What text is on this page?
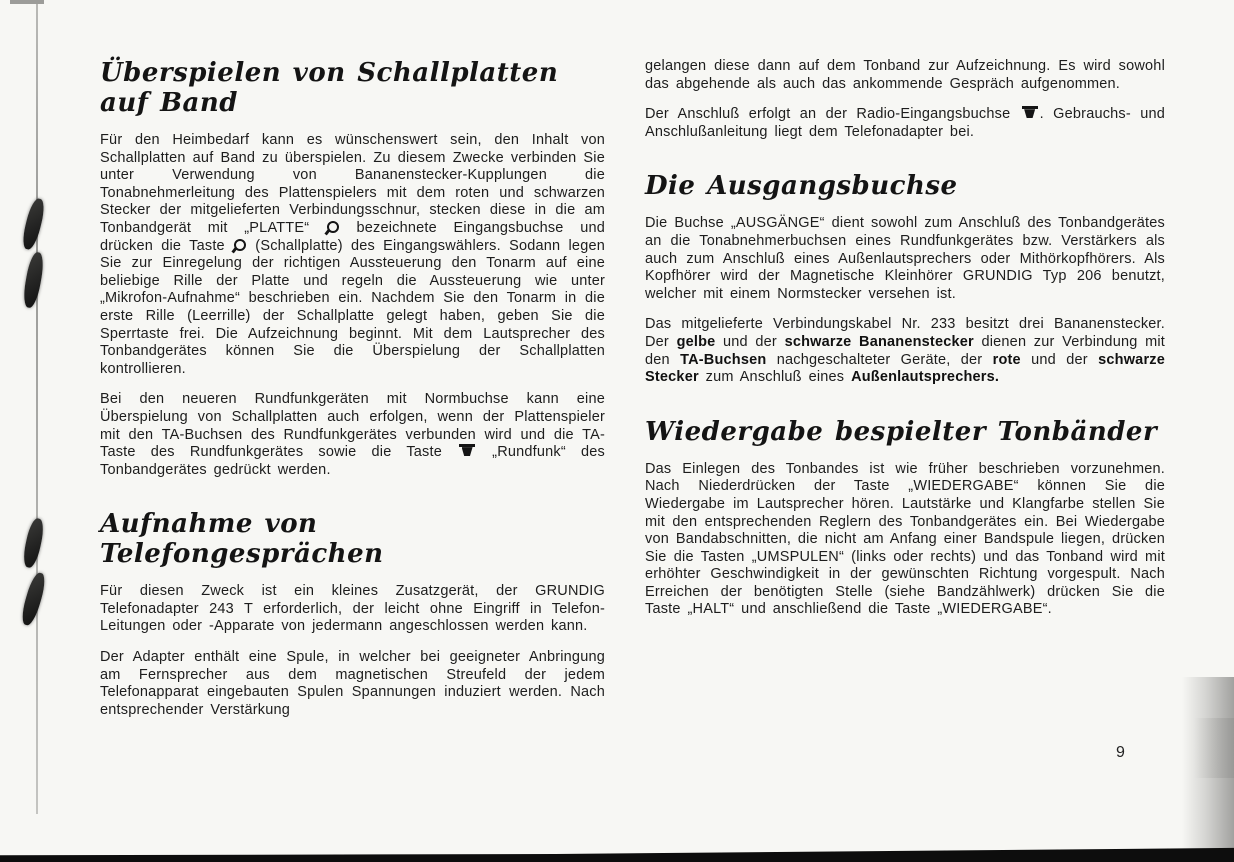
Überspielen von Schallplatten auf Band

Für den Heimbedarf kann es wünschenswert sein, den Inhalt von Schallplatten auf Band zu überspielen. Zu diesem Zwecke verbinden Sie unter Verwendung von Bananenstecker-Kupplungen die Tonabnehmerleitung des Plattenspielers mit dem roten und schwarzen Stecker der mitgelieferten Verbindungsschnur, stecken diese in die am Tonbandgerät mit „PLATTE“  bezeichnete Eingangsbuchse und drücken die Taste  (Schallplatte) des Eingangswählers. Sodann legen Sie zur Einregelung der richtigen Aussteuerung den Tonarm auf eine beliebige Rille der Platte und regeln die Aussteuerung wie unter „Mikrofon-Aufnahme“ beschrieben ein. Nachdem Sie den Tonarm in die erste Rille (Leerrille) der Schallplatte gelegt haben, geben Sie die Sperrtaste frei. Die Aufzeichnung beginnt. Mit dem Lautsprecher des Tonbandgerätes können Sie die Überspielung der Schallplatten kontrollieren.

Bei den neueren Rundfunkgeräten mit Normbuchse kann eine Überspielung von Schallplatten auch erfolgen, wenn der Plattenspieler mit den TA-Buchsen des Rundfunkgerätes verbunden wird und die TA-Taste des Rundfunkgerätes sowie die Taste  „Rundfunk“ des Tonbandgerätes gedrückt werden.

Aufnahme von Telefongesprächen

Für diesen Zweck ist ein kleines Zusatzgerät, der GRUNDIG Telefonadapter 243 T erforderlich, der leicht ohne Eingriff in Telefon-Leitungen oder -Apparate von jedermann angeschlossen werden kann.

Der Adapter enthält eine Spule, in welcher bei geeigneter Anbringung am Fernsprecher aus dem magnetischen Streufeld der jedem Telefonapparat eingebauten Spulen Spannungen induziert werden. Nach entsprechender Verstärkung

gelangen diese dann auf dem Tonband zur Aufzeichnung. Es wird sowohl das abgehende als auch das ankommende Gespräch aufgenommen.

Der Anschluß erfolgt an der Radio-Eingangsbuchse . Gebrauchs- und Anschlußanleitung liegt dem Telefonadapter bei.

Die Ausgangsbuchse

Die Buchse „AUSGÄNGE“ dient sowohl zum Anschluß des Tonbandgerätes an die Tonabnehmerbuchsen eines Rundfunkgerätes bzw. Verstärkers als auch zum Anschluß eines Außenlautsprechers oder Mithörkopfhörers. Als Kopfhörer wird der Magnetische Kleinhörer GRUNDIG Typ 206 benutzt, welcher mit einem Normstecker versehen ist.

Das mitgelieferte Verbindungskabel Nr. 233 besitzt drei Bananenstecker. Der gelbe und der schwarze Bananenstecker dienen zur Verbindung mit den TA-Buchsen nachgeschalteter Geräte, der rote und der schwarze Stecker zum Anschluß eines Außenlautsprechers.

Wiedergabe bespielter Tonbänder

Das Einlegen des Tonbandes ist wie früher beschrieben vorzunehmen. Nach Niederdrücken der Taste „WIEDERGABE“ können Sie die Wiedergabe im Lautsprecher hören. Lautstärke und Klangfarbe stellen Sie mit den entsprechenden Reglern des Tonbandgerätes ein. Bei Wiedergabe von Bandabschnitten, die nicht am Anfang einer Bandspule liegen, drücken Sie die Tasten „UMSPULEN“ (links oder rechts) und das Tonband wird mit erhöhter Geschwindigkeit in der gewünschten Richtung vorgespult. Nach Erreichen der benötigten Stelle (siehe Bandzählwerk) drücken Sie die Taste „HALT“ und anschließend die Taste „WIEDERGABE“.

9
